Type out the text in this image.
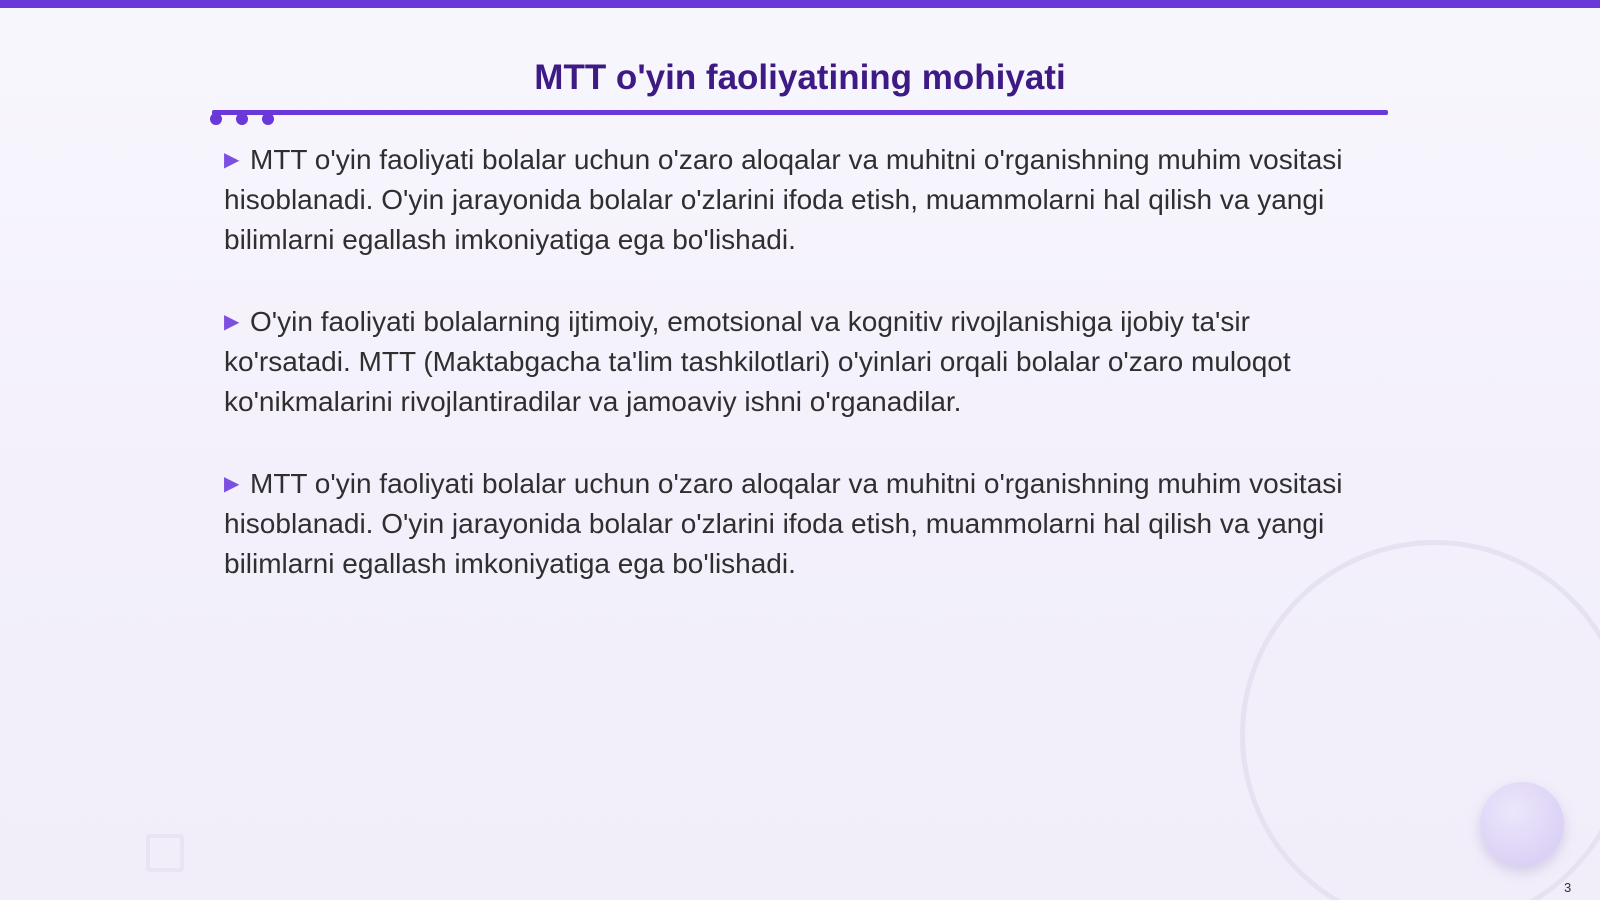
MTT o'yin faoliyatining mohiyati
▶ MTT o'yin faoliyati bolalar uchun o'zaro aloqalar va muhitni o'rganishning muhim vositasi hisoblanadi. O'yin jarayonida bolalar o'zlarini ifoda etish, muammolarni hal qilish va yangi bilimlarni egallash imkoniyatiga ega bo'lishadi.
▶ O'yin faoliyati bolalarning ijtimoiy, emotsional va kognitiv rivojlanishiga ijobiy ta'sir ko'rsatadi. MTT (Maktabgacha ta'lim tashkilotlari) o'yinlari orqali bolalar o'zaro muloqot ko'nikmalarini rivojlantiradilar va jamoaviy ishni o'rganadilar.
▶ MTT o'yin faoliyati bolalar uchun o'zaro aloqalar va muhitni o'rganishning muhim vositasi hisoblanadi. O'yin jarayonida bolalar o'zlarini ifoda etish, muammolarni hal qilish va yangi bilimlarni egallash imkoniyatiga ega bo'lishadi.
3
